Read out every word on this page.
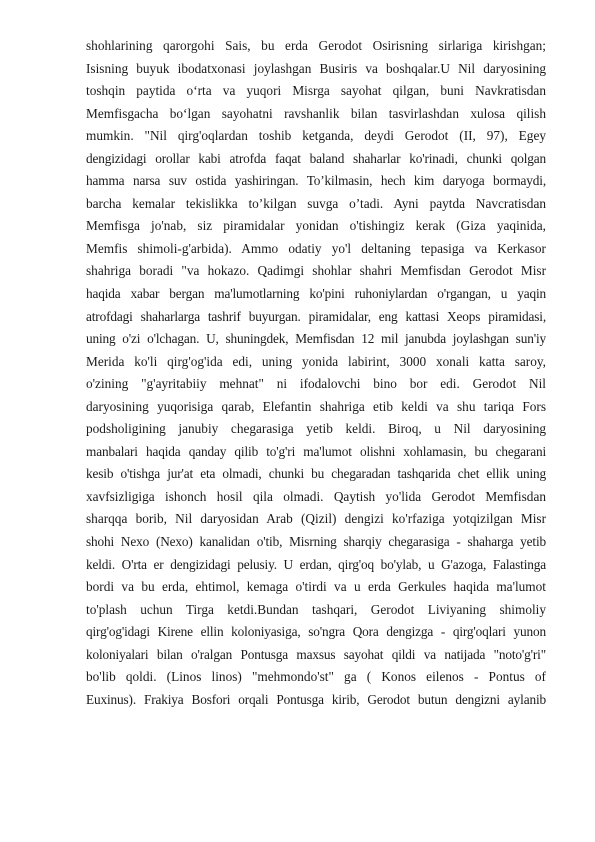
shohlarining qarorgohi Sais, bu erda Gerodot Osirisning sirlariga kirishgan;
Isisning buyuk ibodatxonasi joylashgan Busiris va boshqalar.U Nil daryosining
toshqin paytida o‘rta va yuqori Misrga sayohat qilgan, buni Navkratisdan
Memfisgacha bo‘lgan sayohatni ravshanlik bilan tasvirlashdan xulosa qilish
mumkin. "Nil qirg'oqlardan toshib ketganda, deydi Gerodot (II, 97), Egey
dengizidagi orollar kabi atrofda faqat baland shaharlar ko'rinadi, chunki qolgan
hamma narsa suv ostida yashiringan. To’kilmasin, hech kim daryoga bormaydi,
barcha kemalar tekislikka to’kilgan suvga o’tadi. Ayni paytda Navcratisdan
Memfisga jo'nab, siz piramidalar yonidan o'tishingiz kerak (Giza yaqinida,
Memfis shimoli-g'arbida). Ammo odatiy yo'l deltaning tepasiga va Kerkasor
shahriga boradi "va hokazo. Qadimgi shohlar shahri Memfisdan Gerodot Misr
haqida xabar bergan ma'lumotlarning ko'pini ruhoniylardan o'rgangan, u yaqin
atrofdagi shaharlarga tashrif buyurgan. piramidalar, eng kattasi Xeops piramidasi,
uning o'zi o'lchagan. U, shuningdek, Memfisdan 12 mil janubda joylashgan sun'iy
Merida ko'li qirg'og'ida edi, uning yonida labirint, 3000 xonali katta saroy,
o'zining "g'ayritabiiy mehnat" ni ifodalovchi bino bor edi. Gerodot Nil
daryosining yuqorisiga qarab, Elefantin shahriga etib keldi va shu tariqa Fors
podsholigining janubiy chegarasiga yetib keldi. Biroq, u Nil daryosining
manbalari haqida qanday qilib to'g'ri ma'lumot olishni xohlamasin, bu chegarani
kesib o'tishga jur'at eta olmadi, chunki bu chegaradan tashqarida chet ellik uning
xavfsizligiga ishonch hosil qila olmadi. Qaytish yo'lida Gerodot Memfisdan
sharqqa borib, Nil daryosidan Arab (Qizil) dengizi ko'rfaziga yotqizilgan Misr
shohi Nexo (Nexo) kanalidan o'tib, Misrning sharqiy chegarasiga - shaharga yetib
keldi. O'rta er dengizidagi pelusiy. U erdan, qirg'oq bo'ylab, u G'azoga, Falastinga
bordi va bu erda, ehtimol, kemaga o'tirdi va u erda Gerkules haqida ma'lumot
to'plash uchun Tirga ketdi.Bundan tashqari, Gerodot Liviyaning shimoliy
qirg'og'idagi Kirene ellin koloniyasiga, so'ngra Qora dengizga - qirg'oqlari yunon
koloniyalari bilan o'ralgan Pontusga maxsus sayohat qildi va natijada "noto'g'ri"
bo'lib qoldi. (Linos linos) "mehmondo'st" ga ( Konos eilenos - Pontus of
Euxinus). Frakiya Bosfori orqali Pontusga kirib, Gerodot butun dengizni aylanib
